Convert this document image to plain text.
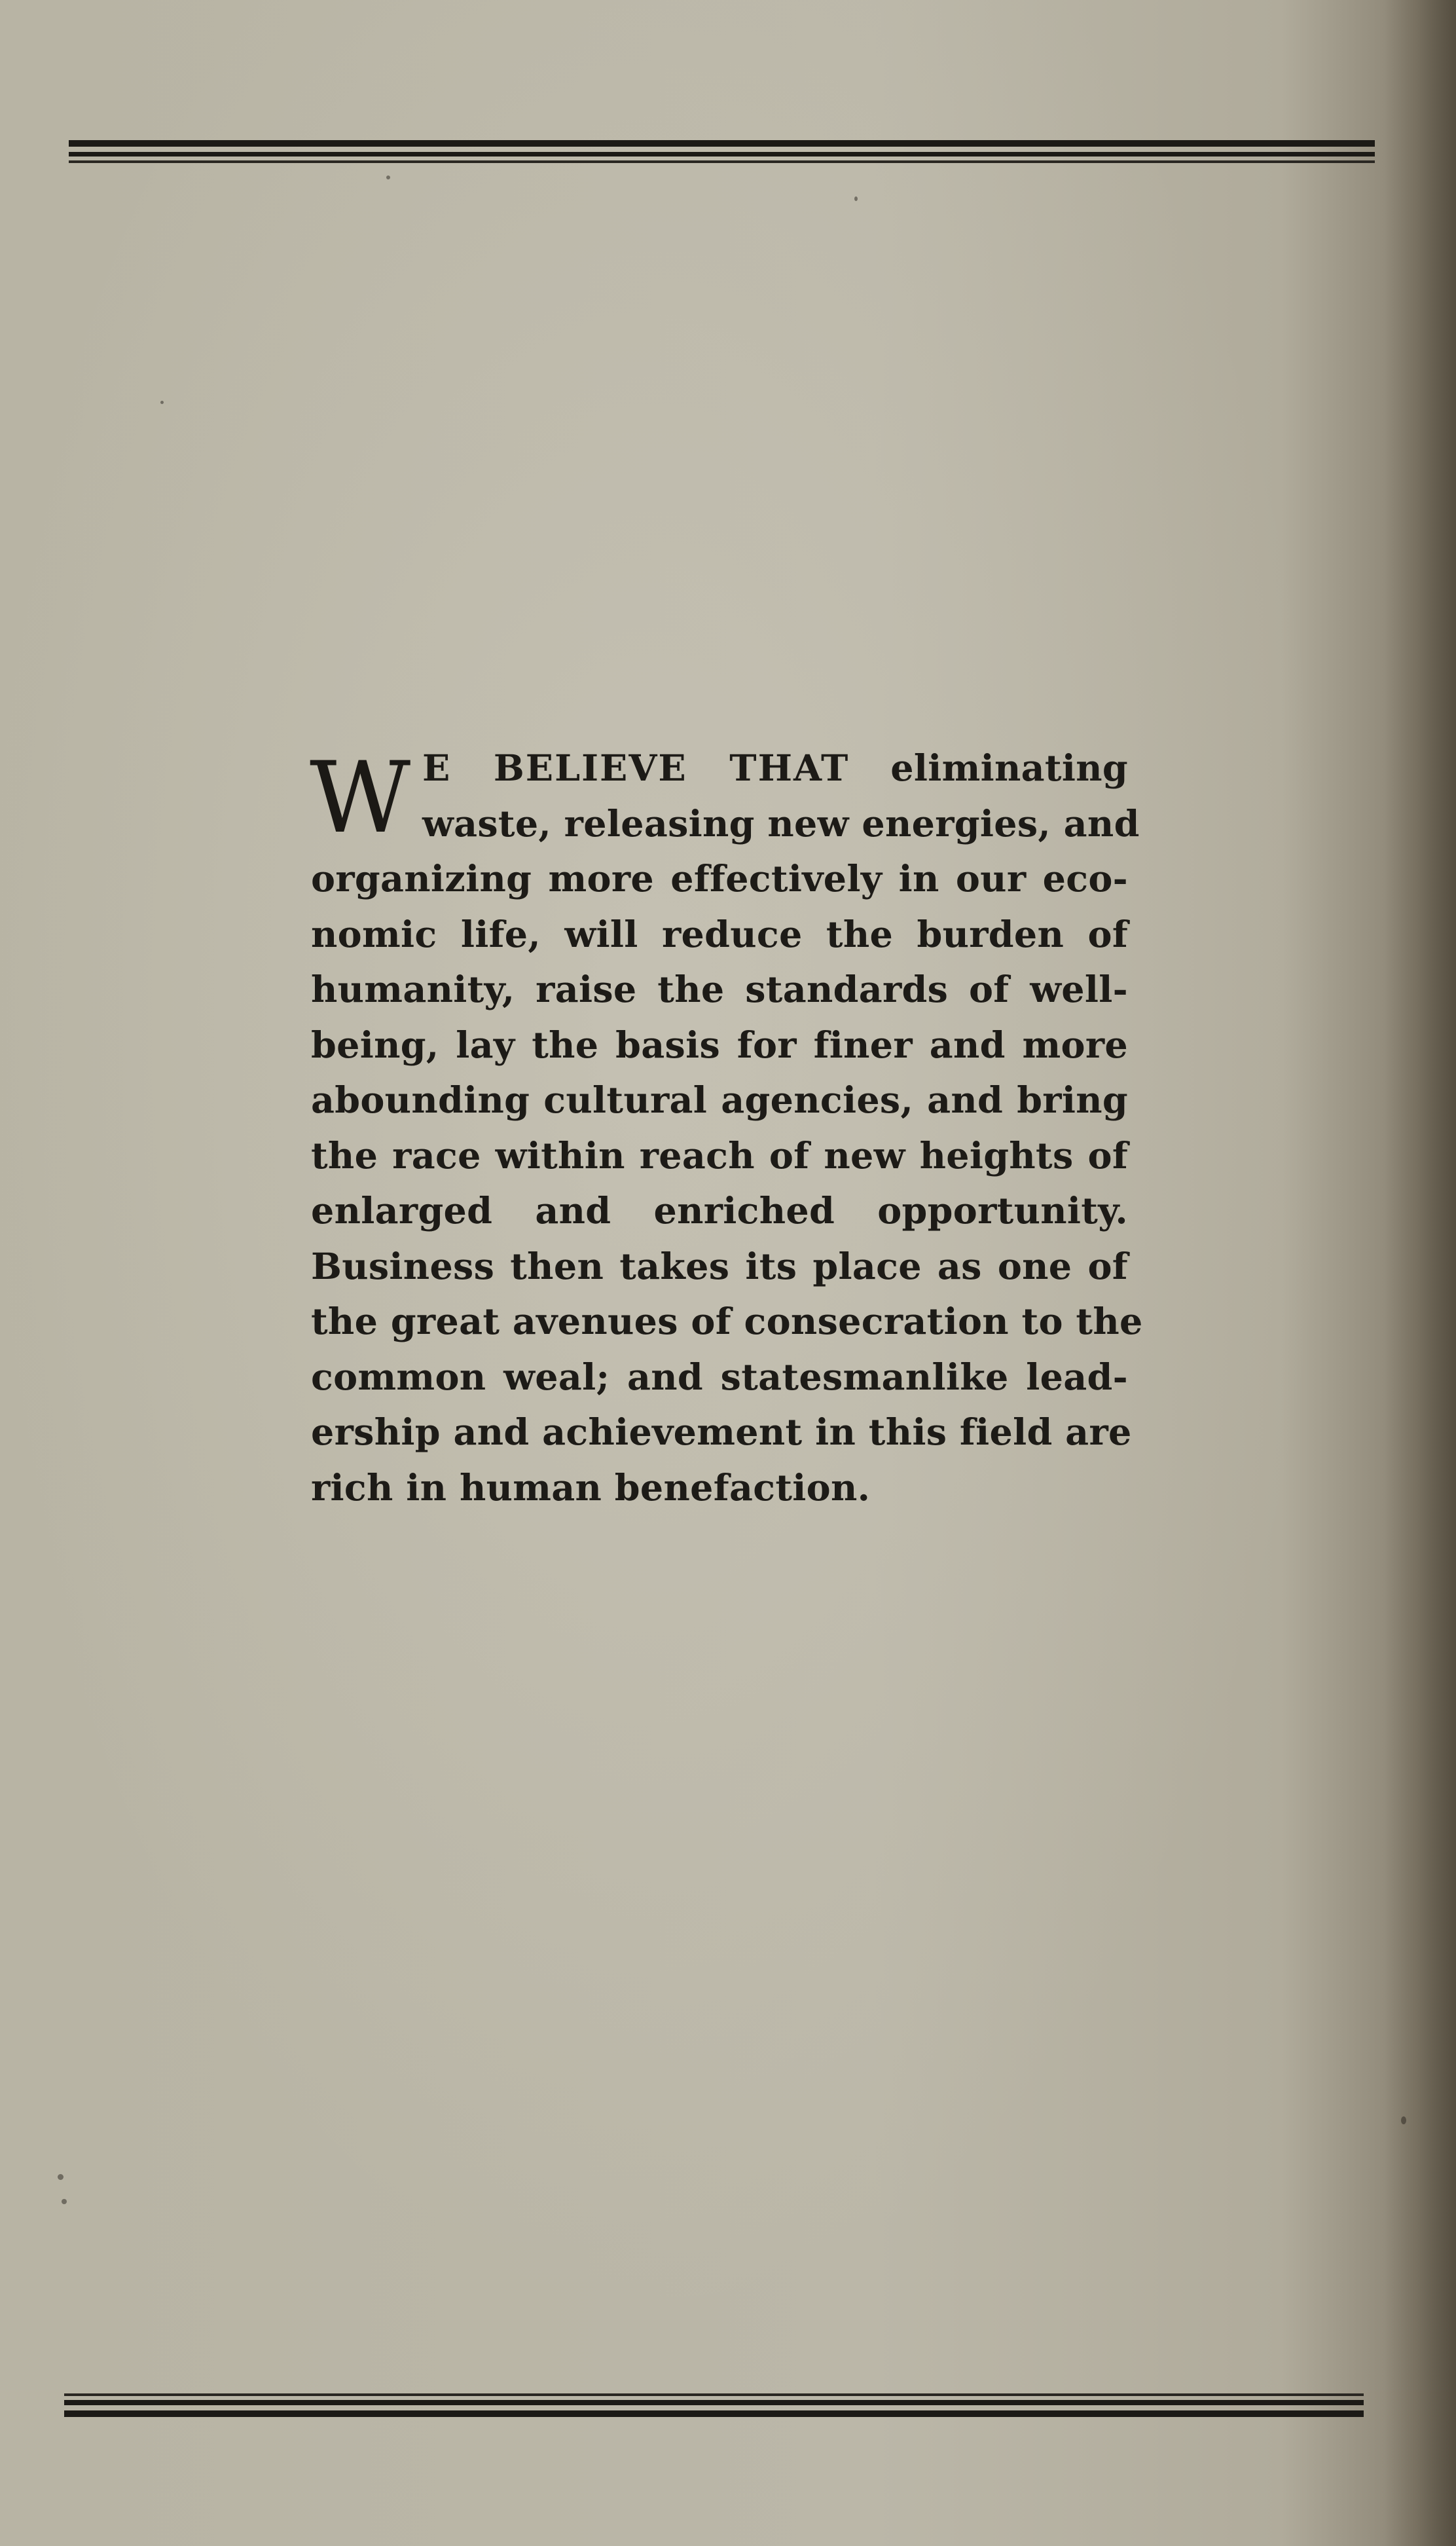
W E BELIEVE THAT eliminating
waste, releasing new energies, and
organizing more effectively in our eco-
nomic life, will reduce the burden of
humanity, raise the standards of well-
being, lay the basis for finer and more
abounding cultural agencies, and bring
the race within reach of new heights of
enlarged and enriched opportunity.
Business then takes its place as one of
the great avenues of consecration to the
common weal; and statesmanlike lead-
ership and achievement in this field are
rich in human benefaction.
